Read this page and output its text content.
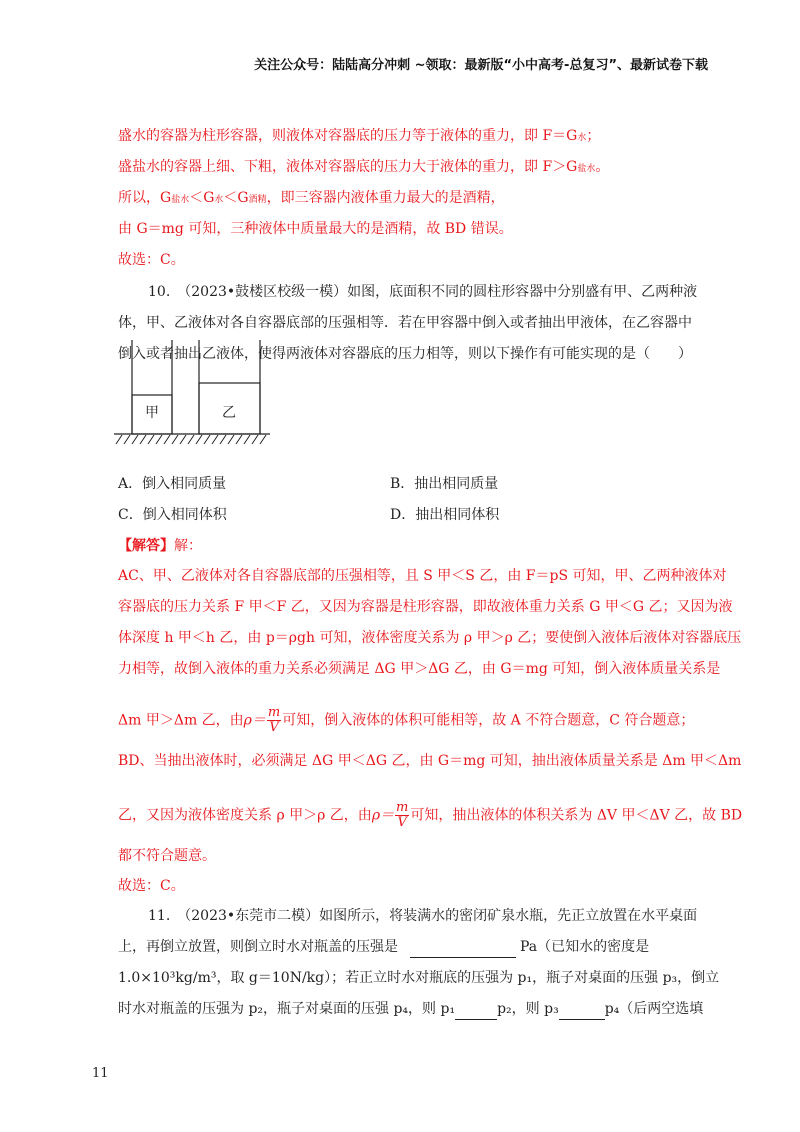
关注公众号：陆陆高分冲刺 ~领取：最新版“小中高考-总复习”、最新试卷下载
盛水的容器为柱形容器，则液体对容器底的压力等于液体的重力，即 F＝G水；
盛盐水的容器上细、下粗，液体对容器底的压力大于液体的重力，即 F＞G盐水。
所以，G盐水＜G水＜G酒精，即三容器内液体重力最大的是酒精，
由 G＝mg 可知，三种液体中质量最大的是酒精，故 BD 错误。
故选：C。
10.　（2023•鼓楼区校级一模）如图，底面积不同的圆柱形容器中分别盛有甲、乙两种液
体，甲、乙液体对各自容器底部的压强相等．若在甲容器中倒入或者抽出甲液体，在乙容器中
倒入或者抽出乙液体，使得两液体对容器底的压力相等，则以下操作有可能实现的是（　　）
甲	乙
A．倒入相同质量	B．抽出相同质量
C．倒入相同体积	D．抽出相同体积
【解答】解：
AC、甲、乙液体对各自容器底部的压强相等，且 S 甲＜S 乙，由 F＝pS 可知，甲、乙两种液体对
容器底的压力关系 F 甲＜F 乙，又因为容器是柱形容器，即故液体重力关系 G 甲＜G 乙；又因为液
体深度 h 甲＜h 乙，由 p＝ρgh 可知，液体密度关系为 ρ 甲＞ρ 乙；要使倒入液体后液体对容器底压
力相等，故倒入液体的重力关系必须满足 ΔG 甲＞ΔG 乙，由 G＝mg 可知，倒入液体质量关系是
Δm 甲＞Δm 乙，由$\rho= \frac{m}{V}$ 可知，倒入液体的体积可能相等，故 A 不符合题意，C 符合题意；
BD、当抽出液体时，必须满足 ΔG 甲＜ΔG 乙，由 G＝mg 可知，抽出液体质量关系是 Δm 甲＜Δm
乙，又因为液体密度关系 ρ 甲＞ρ 乙，由$\rho= \frac{m}{V}$ 可知，抽出液体的体积关系为 ΔV 甲＜ΔV 乙，故 BD
都不符合题意。
故选：C。
11.　（2023•东莞市二模）如图所示，将装满水的密闭矿泉水瓶，先正立放置在水平桌面
上，再倒立放置，则倒立时水对瓶盖的压强是	Pa（已知水的密度是
1.0×10³kg/m³，取 g＝10N/kg）；若正立时水对瓶底的压强为 p₁，瓶子对桌面的压强 p₃，倒立
时水对瓶盖的压强为 p₂，瓶子对桌面的压强 p₄，则 p₁	p₂，则 p₃	p₄（后两空选填
11
